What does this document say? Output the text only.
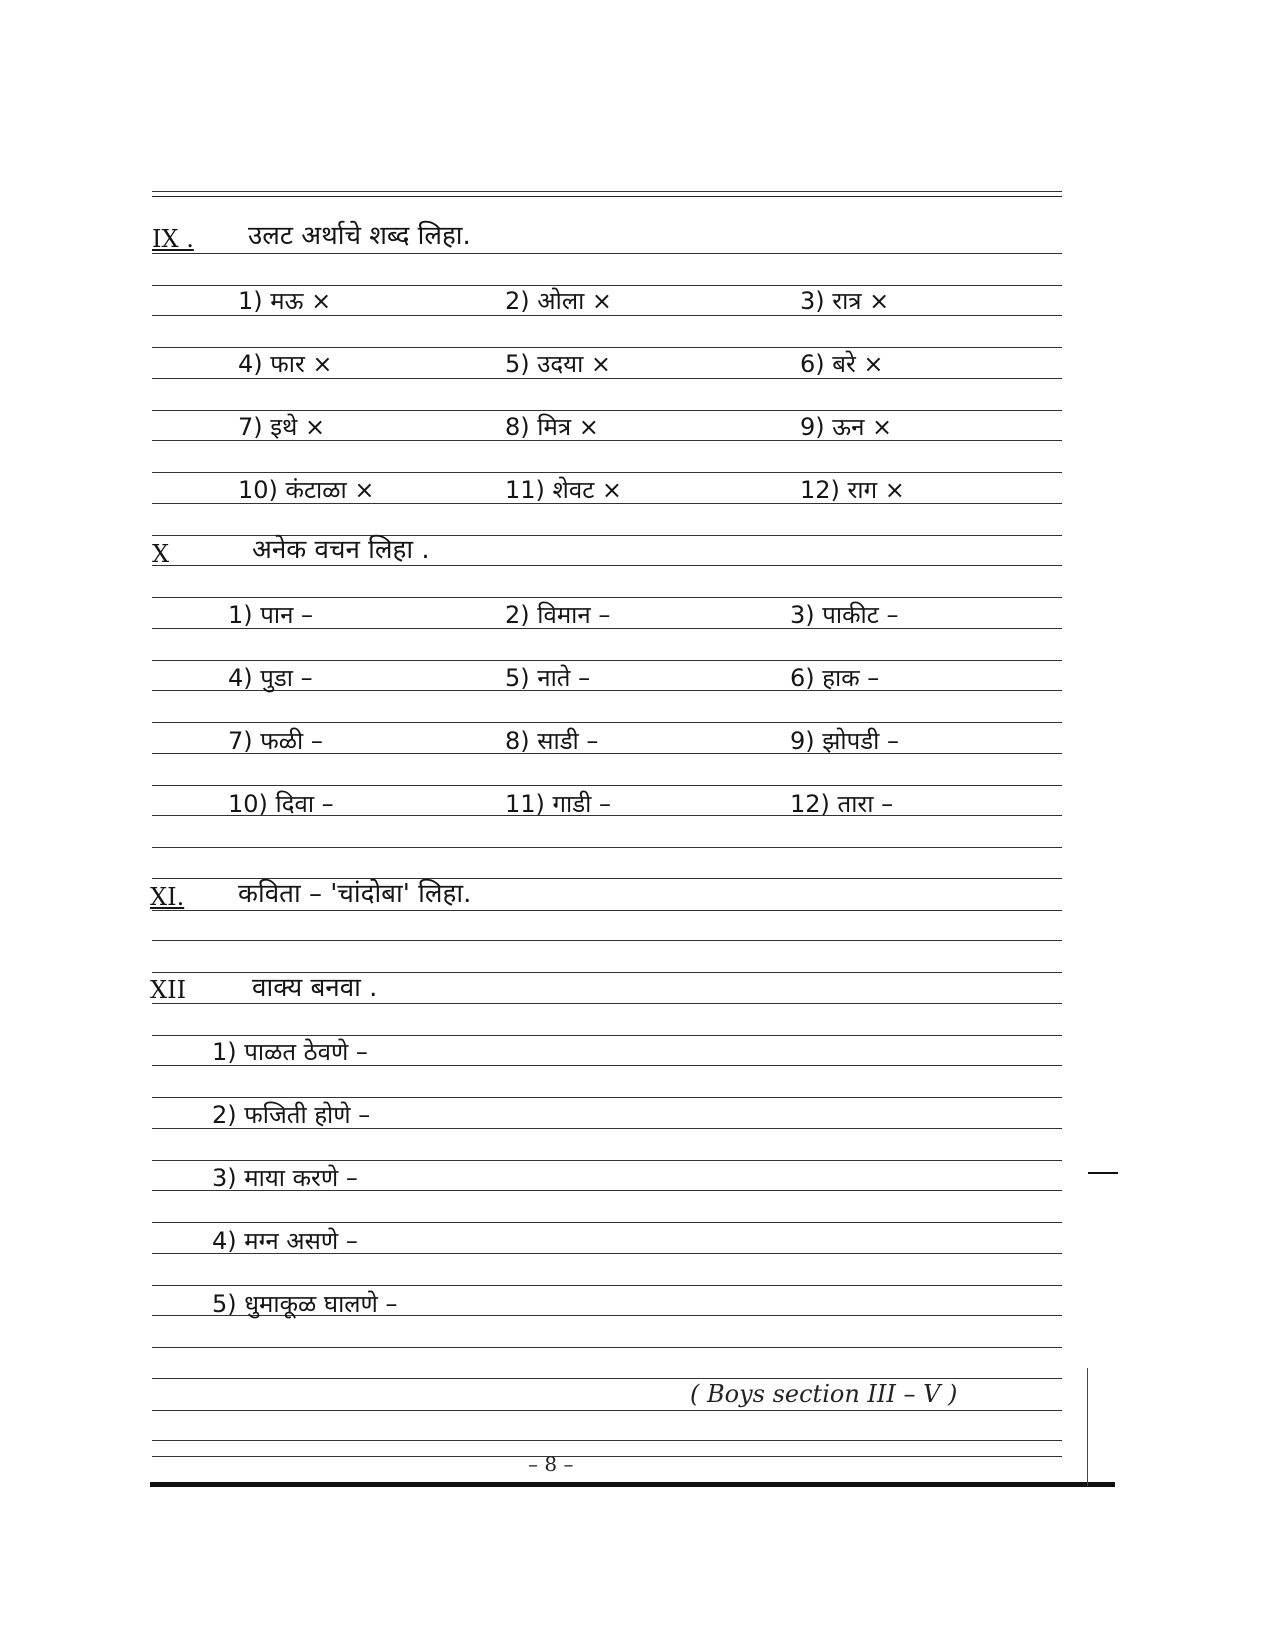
IX . उलट अर्थाचे शब्द लिहा.
1) मऊ ×	2) ओला ×	3) रात्र ×
4) फार ×	5) उदया ×	6) बरे ×
7) इथे ×	8) मित्र ×	9) ऊन ×
10) कंटाळा ×	11) शेवट ×	12) राग ×
X	अनेक वचन लिहा .
1) पान –	2) विमान –	3) पाकीट –
4) पुडा –	5) नाते –	6) हाक –
7) फळी –	8) साडी –	9) झोपडी –
10) दिवा –	11) गाडी –	12) तारा –
XI. कविता – 'चांदोबा' लिहा.
XII	वाक्य बनवा .
1) पाळत ठेवणे –
2) फजिती होणे –
3) माया करणे –
4) मग्न असणे –
5) धुमाकूळ घालणे –
( Boys section III – V )
– 8 –
